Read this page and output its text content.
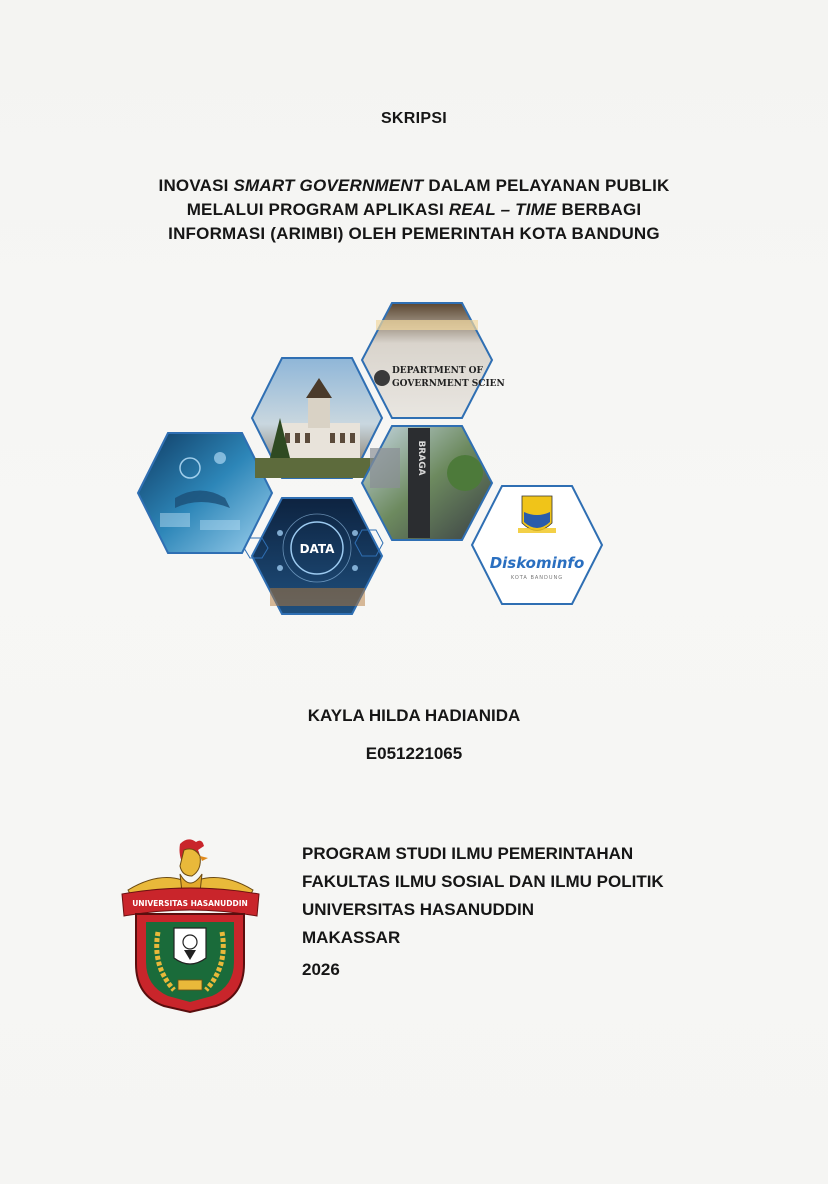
SKRIPSI
INOVASI SMART GOVERNMENT DALAM PELAYANAN PUBLIK
MELALUI PROGRAM APLIKASI REAL – TIME BERBAGI
INFORMASI (ARIMBI) OLEH PEMERINTAH KOTA BANDUNG
DEPARTMENT OF
GOVERNMENT SCIEN
DATA
BRAGA
Diskominfo
KOTA BANDUNG
KAYLA HILDA HADIANIDA
E051221065
UNIVERSITAS HASANUDDIN
PROGRAM STUDI ILMU PEMERINTAHAN
FAKULTAS ILMU SOSIAL DAN ILMU POLITIK
UNIVERSITAS HASANUDDIN
MAKASSAR
2026
